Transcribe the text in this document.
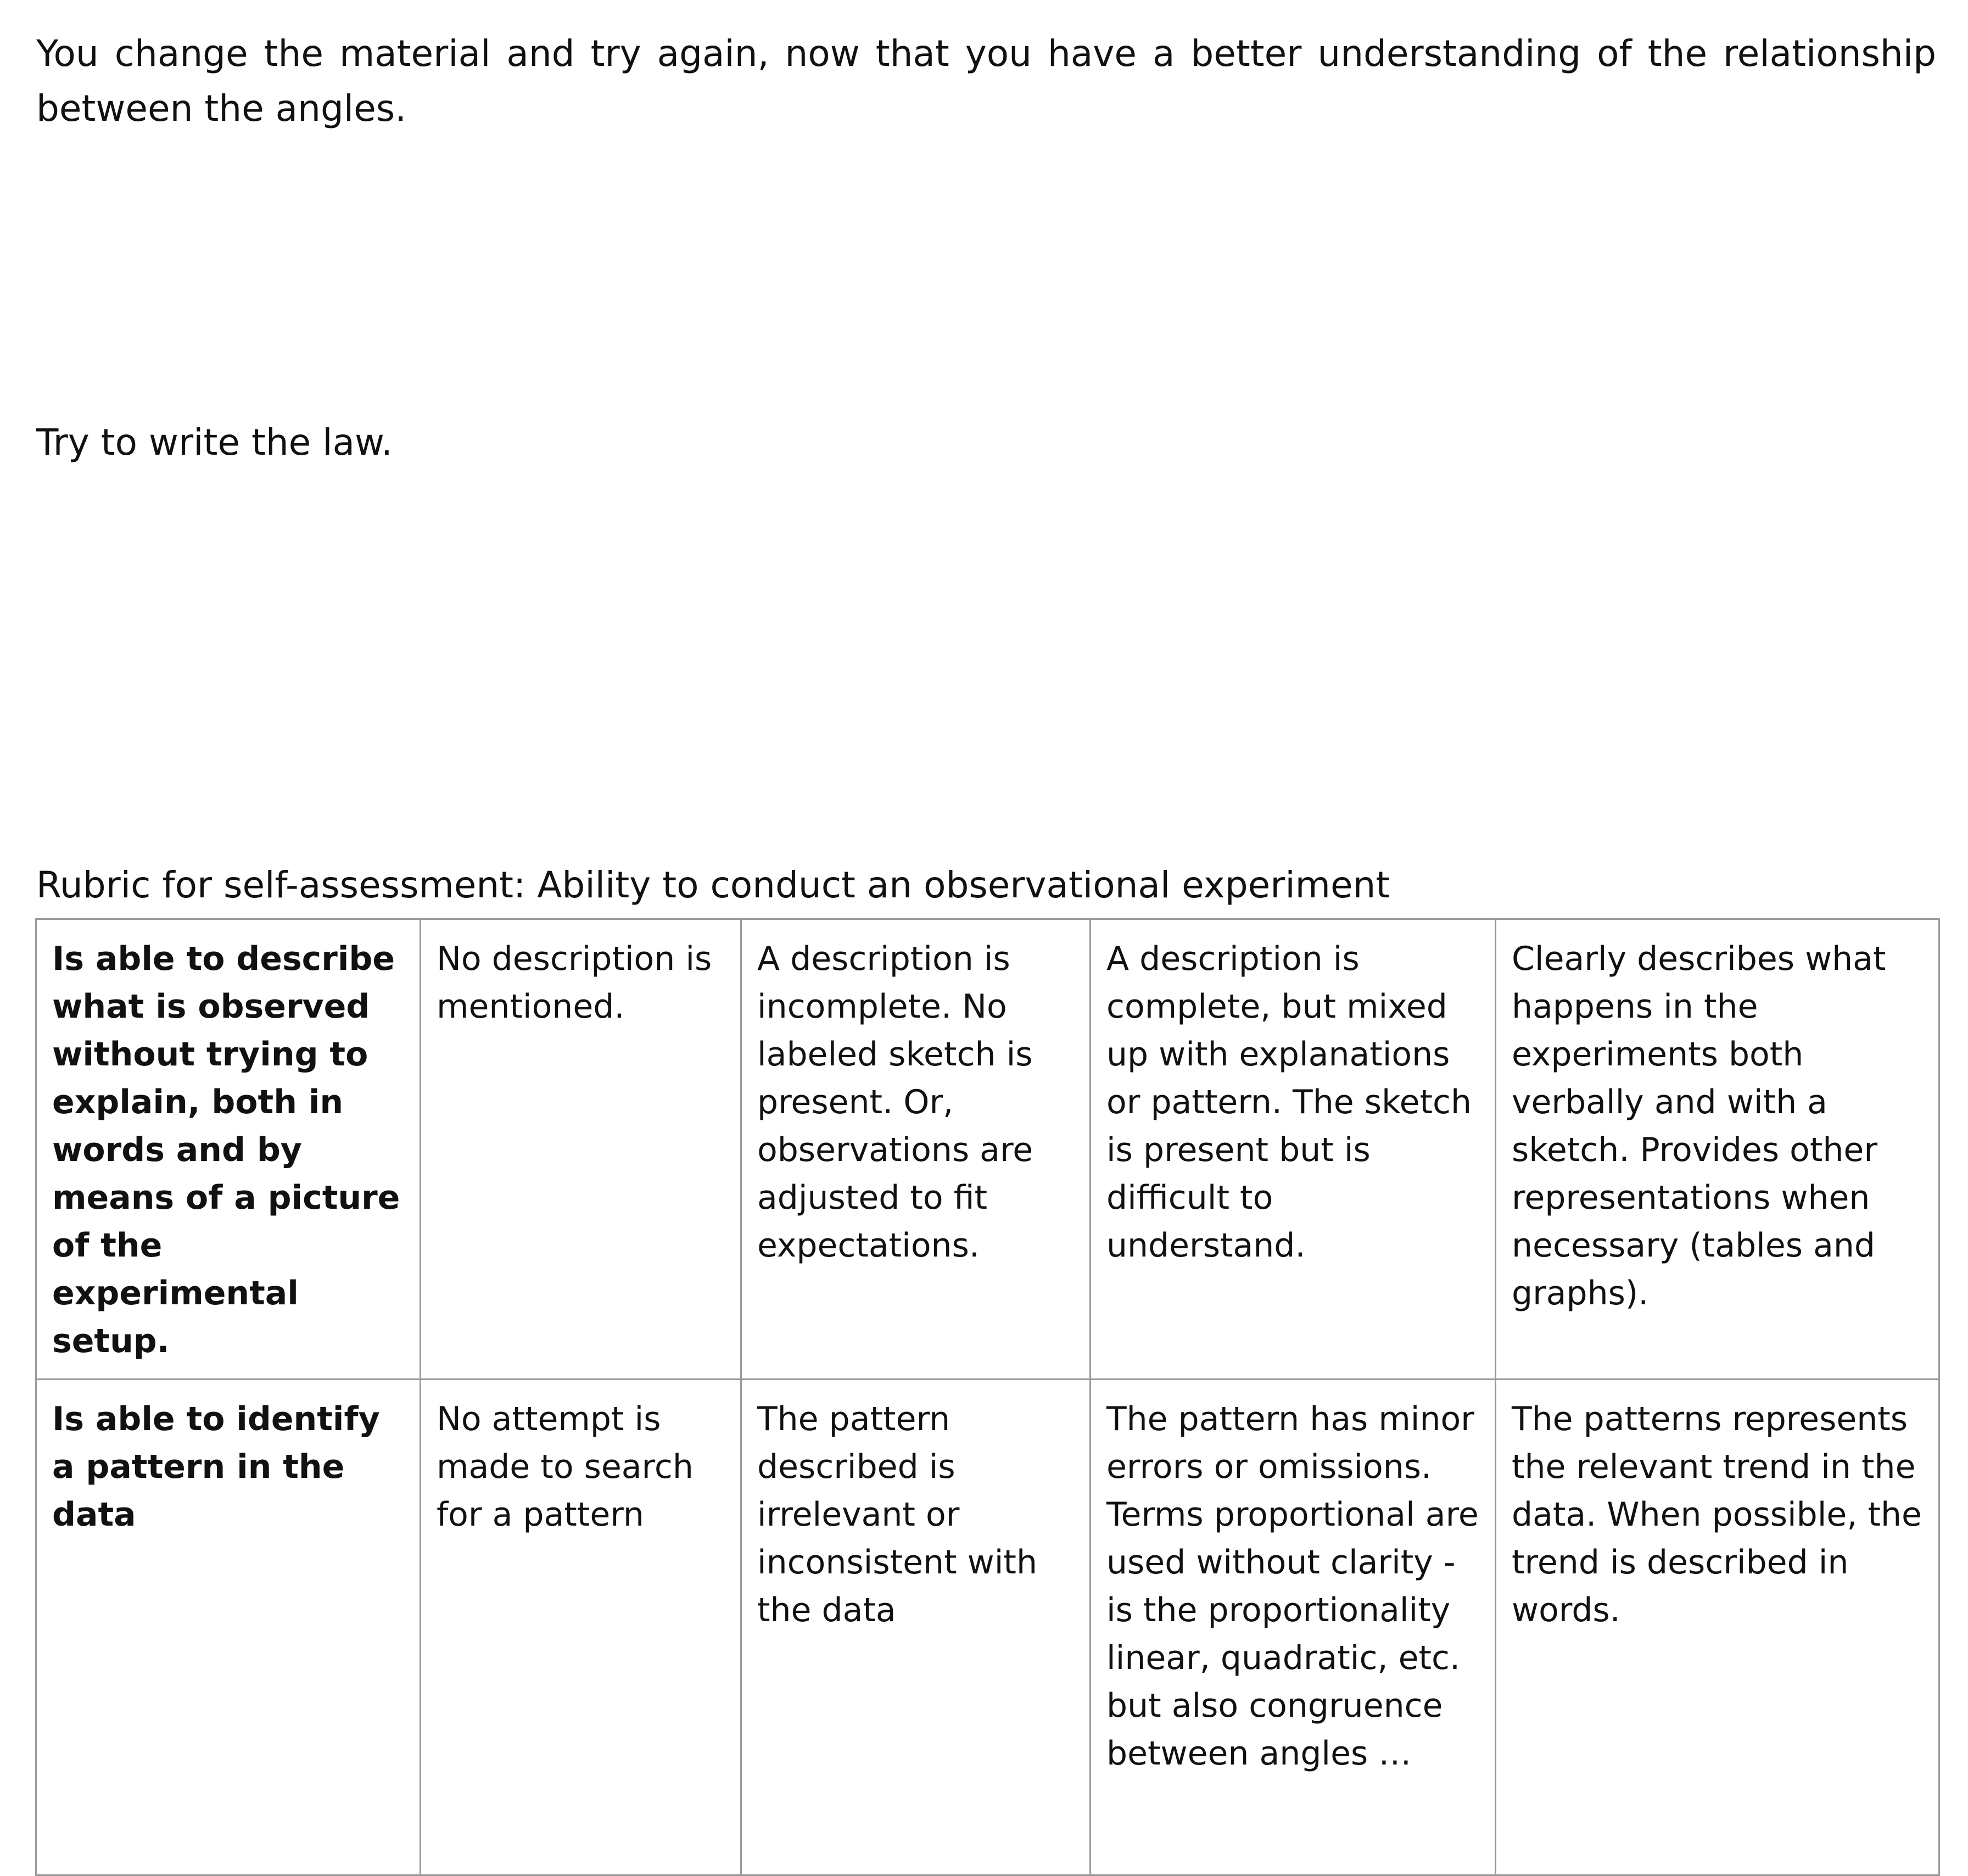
You change the material and try again, now that you have a better understanding of the relationship between the angles.

Try to write the law.

Rubric for self-assessment: Ability to conduct an observational experiment

Is able to describe what is observed without trying to explain, both in words and by means of a picture of the experimental setup.	No description is mentioned.	A description is incomplete. No labeled sketch is present. Or, observations are adjusted to fit expectations.	A description is complete, but mixed up with explanations or pattern. The sketch is present but is difficult to understand.	Clearly describes what happens in the experiments both verbally and with a sketch. Provides other representations when necessary (tables and graphs).
Is able to identify a pattern in the data	No attempt is made to search for a pattern	The pattern described is irrelevant or inconsistent with the data	The pattern has minor errors or omissions. Terms proportional are used without clarity - is the proportionality linear, quadratic, etc. but also congruence between angles …	The patterns represents the relevant trend in the data. When possible, the trend is described in words.
